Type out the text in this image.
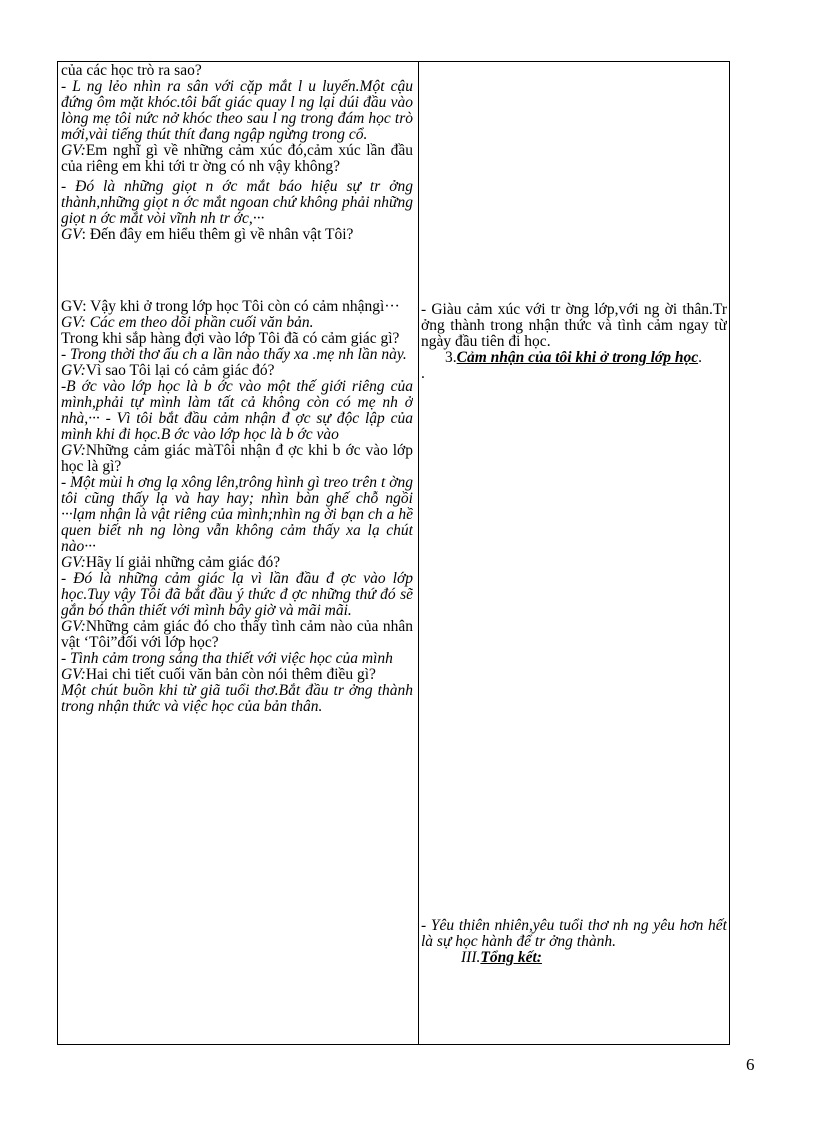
của các học trò ra sao?

- L ng lẻo nhìn ra sân với cặp mắt l u luyến.Một cậu đứng ôm mặt khóc.tôi bất giác quay l ng lại dúi đầu vào lòng mẹ tôi nức nở khóc theo sau l ng trong đám học trò mới,vài tiếng thút thít đang ngập ngừng trong cổ.

GV:Em nghĩ gì về những cảm xúc đó,cảm xúc lần đầu của riêng em khi tới tr ờng có nh vậy không?

- Đó là những giọt n ớc mắt báo hiệu sự tr ởng thành,những giọt n ớc mắt ngoan chứ không phải những giọt n ớc mắt vòi vĩnh nh tr ớc,···

GV: Đến đây em hiểu thêm gì về nhân vật Tôi?

GV: Vậy khi ở trong lớp học Tôi còn có cảm nhậngì···

GV: Các em theo dõi phần cuối văn bản.

Trong khi sắp hàng đợi vào lớp Tôi đã có cảm giác gì?

- Trong thời thơ ấu ch a lần nào thấy xa .mẹ nh lần này.

GV:Vì sao Tôi lại có cảm giác đó?

-B ớc vào lớp học là b ớc vào một thế giới riêng của mình,phải tự mình làm tất cả không còn có mẹ nh ở nhà,··· - Vì tôi bắt đầu cảm nhận đ ợc sự độc lập của mình khi đi học.B ớc vào lớp học là b ớc vào

GV:Những cảm giác màTôi nhận đ ợc khi b ớc vào lớp học là gì?

- Một mùi h ơng lạ xông lên,trông hình gì treo trên t ờng tôi cũng thấy lạ và hay hay; nhìn bàn ghế chỗ ngồi ···lạm nhận là vật riêng của mình;nhìn ng ời bạn ch a hề quen biết nh ng lòng vẫn không cảm thấy xa lạ chút nào···

GV:Hãy lí giải những cảm giác đó?

- Đó là những cảm giác lạ vì lần đầu đ ợc vào lớp học.Tuy vậy Tôi đã bắt đầu ý thức đ ợc những thứ đó sẽ gắn bó thân thiết với mình bây giờ và mãi mãi.

GV:Những cảm giác đó cho thấy tình cảm nào của nhân vật ‘Tôi”đối với lớp học?

- Tình cảm trong sáng tha thiết với việc học của mình

GV:Hai chi tiết cuối văn bản còn nói thêm điều gì?

Một chút buồn khi từ giã tuổi thơ.Bắt đầu tr ởng thành trong nhận thức và việc học của bản thân.

- Giàu cảm xúc với tr ờng lớp,với ng ời thân.Tr ởng thành trong nhận thức và tình cảm ngay từ ngày đầu tiên đi học.

3.Cảm nhận của tôi khi ở trong lớp học.

.

- Yêu thiên nhiên,yêu tuổi thơ nh ng yêu hơn hết là sự học hành để tr ởng thành.

III.Tổng kết:

6
